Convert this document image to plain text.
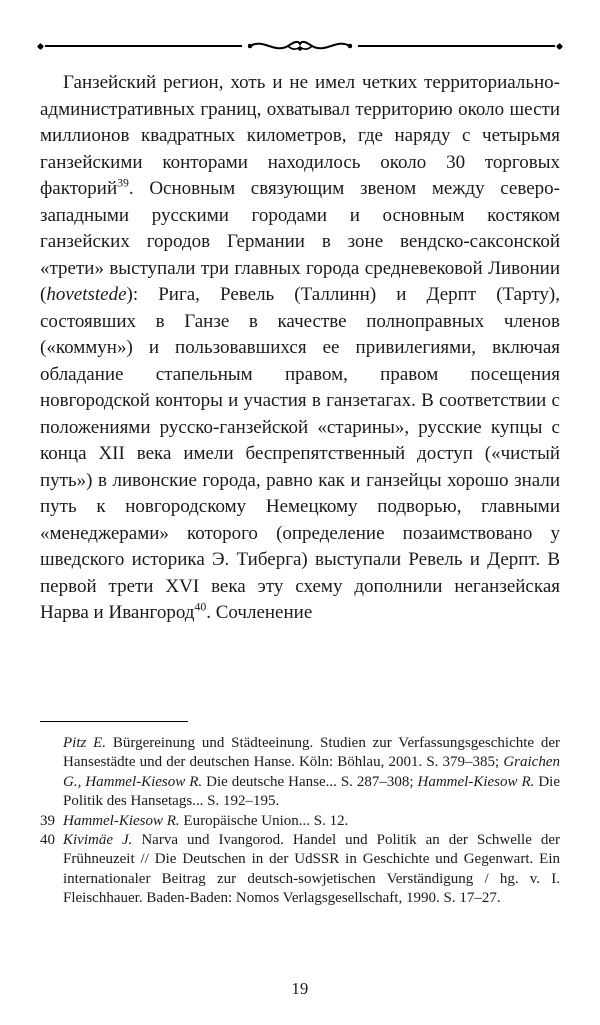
Ганзейский регион, хоть и не имел четких территориально-административных границ, охватывал территорию около шести миллионов квадратных километров, где наряду с четырьмя ганзейскими конторами находилось около 30 торговых факторий$^{39}$. Основным связующим звеном между северо-западными русскими городами и основным костяком ганзейских городов Германии в зоне вендско-саксонской «трети» выступали три главных города средневековой Ливонии (hovetstede): Рига, Ревель (Таллинн) и Дерпт (Тарту), состоявших в Ганзе в качестве полноправных членов («коммун») и пользовавшихся ее привилегиями, включая обладание стапельным правом, правом посещения новгородской конторы и участия в ганзетагах. В соответствии с положениями русско-ганзейской «старины», русские купцы с конца XII века имели беспрепятственный доступ («чистый путь») в ливонские города, равно как и ганзейцы хорошо знали путь к новгородскому Немецкому подворью, главными «менеджерами» которого (определение позаимствовано у шведского историка Э. Тиберга) выступали Ревель и Дерпт. В первой трети XVI века эту схему дополнили неганзейская Нарва и Ивангород$^{40}$. Сочленение

Pitz E. Bürgereinung und Städteeinung. Studien zur Verfassungsgeschichte der Hansestädte und der deutschen Hanse. Köln: Böhlau, 2001. S. 379–385; Graichen G., Hammel-Kiesow R. Die deutsche Hanse... S. 287–308; Hammel-Kiesow R. Die Politik des Hansetags... S. 192–195.
39 Hammel-Kiesow R. Europäische Union... S. 12.
40 Kivimäe J. Narva und Ivangorod. Handel und Politik an der Schwelle der Frühneuzeit // Die Deutschen in der UdSSR in Geschichte und Gegenwart. Ein internationaler Beitrag zur deutsch-sowjetischen Verständigung / hg. v. I. Fleischhauer. Baden-Baden: Nomos Verlagsgesellschaft, 1990. S. 17–27.
19
